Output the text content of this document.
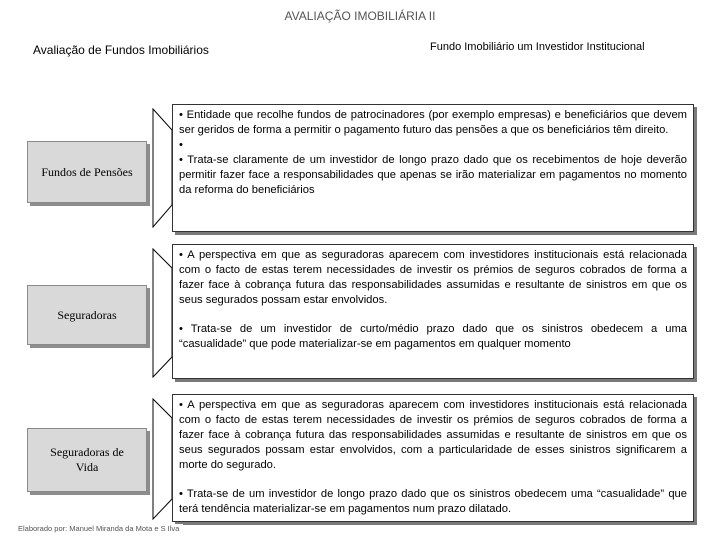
AVALIAÇÃO IMOBILIÁRIA II
Avaliação de Fundos Imobiliários	Fundo Imobiliário um Investidor Institucional
Fundos de Pensões

• Entidade que recolhe fundos de patrocinadores (por exemplo empresas) e beneficiários que devem ser geridos de forma a permitir o pagamento futuro das pensões a que os beneficiários têm direito.

•

• Trata-se claramente de um investidor de longo prazo dado que os recebimentos de hoje deverão permitir fazer face a responsabilidades que apenas se irão materializar em pagamentos no momento da reforma do beneficiários

Seguradoras

• A perspectiva em que as seguradoras aparecem com investidores institucionais está relacionada com o facto de estas terem necessidades de investir os prémios de seguros cobrados de forma a fazer face à cobrança futura das responsabilidades assumidas e resultante de sinistros em que os seus segurados possam estar envolvidos.

• Trata-se de um investidor de curto/médio prazo dado que os sinistros obedecem a uma “casualidade” que pode materializar-se em pagamentos em qualquer momento

Seguradoras de
Vida

• A perspectiva em que as seguradoras aparecem com investidores institucionais está relacionada com o facto de estas terem necessidades de investir os prémios de seguros cobrados de forma a fazer face à cobrança futura das responsabilidades assumidas e resultante de sinistros em que os seus segurados possam estar envolvidos, com a particularidade de esses sinistros significarem a morte do segurado.

• Trata-se de um investidor de longo prazo dado que os sinistros obedecem uma “casualidade” que terá tendência materializar-se em pagamentos num prazo dilatado.

Elaborado por: Manuel Miranda da Mota e S Ilva
